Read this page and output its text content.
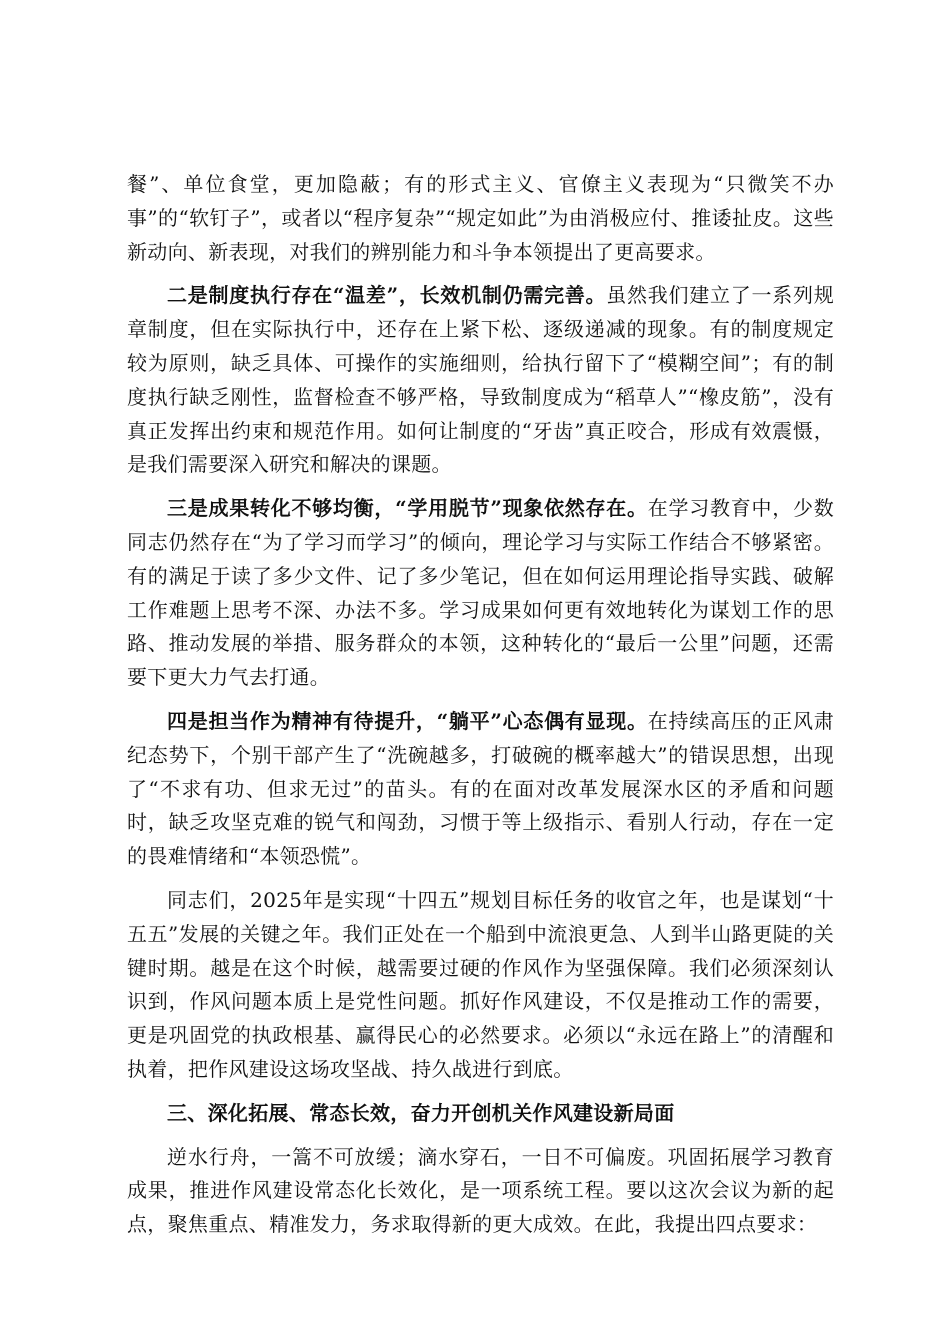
餐”、单位食堂，更加隐蔽；有的形式主义、官僚主义表现为“只微笑不办事”的“软钉子”，或者以“程序复杂”“规定如此”为由消极应付、推诿扯皮。这些新动向、新表现，对我们的辨别能力和斗争本领提出了更高要求。

二是制度执行存在“温差”，长效机制仍需完善。虽然我们建立了一系列规章制度，但在实际执行中，还存在上紧下松、逐级递减的现象。有的制度规定较为原则，缺乏具体、可操作的实施细则，给执行留下了“模糊空间”；有的制度执行缺乏刚性，监督检查不够严格，导致制度成为“稻草人”“橡皮筋”，没有真正发挥出约束和规范作用。如何让制度的“牙齿”真正咬合，形成有效震慑，是我们需要深入研究和解决的课题。

三是成果转化不够均衡，“学用脱节”现象依然存在。在学习教育中，少数同志仍然存在“为了学习而学习”的倾向，理论学习与实际工作结合不够紧密。有的满足于读了多少文件、记了多少笔记，但在如何运用理论指导实践、破解工作难题上思考不深、办法不多。学习成果如何更有效地转化为谋划工作的思路、推动发展的举措、服务群众的本领，这种转化的“最后一公里”问题，还需要下更大力气去打通。

四是担当作为精神有待提升，“躺平”心态偶有显现。在持续高压的正风肃纪态势下，个别干部产生了“洗碗越多，打破碗的概率越大”的错误思想，出现了“不求有功、但求无过”的苗头。有的在面对改革发展深水区的矛盾和问题时，缺乏攻坚克难的锐气和闯劲，习惯于等上级指示、看别人行动，存在一定的畏难情绪和“本领恐慌”。

同志们，2025年是实现“十四五”规划目标任务的收官之年，也是谋划“十五五”发展的关键之年。我们正处在一个船到中流浪更急、人到半山路更陡的关键时期。越是在这个时候，越需要过硬的作风作为坚强保障。我们必须深刻认识到，作风问题本质上是党性问题。抓好作风建设，不仅是推动工作的需要，更是巩固党的执政根基、赢得民心的必然要求。必须以“永远在路上”的清醒和执着，把作风建设这场攻坚战、持久战进行到底。

三、深化拓展、常态长效，奋力开创机关作风建设新局面

逆水行舟，一篙不可放缓；滴水穿石，一日不可偏废。巩固拓展学习教育成果，推进作风建设常态化长效化，是一项系统工程。要以这次会议为新的起点，聚焦重点、精准发力，务求取得新的更大成效。在此，我提出四点要求：
